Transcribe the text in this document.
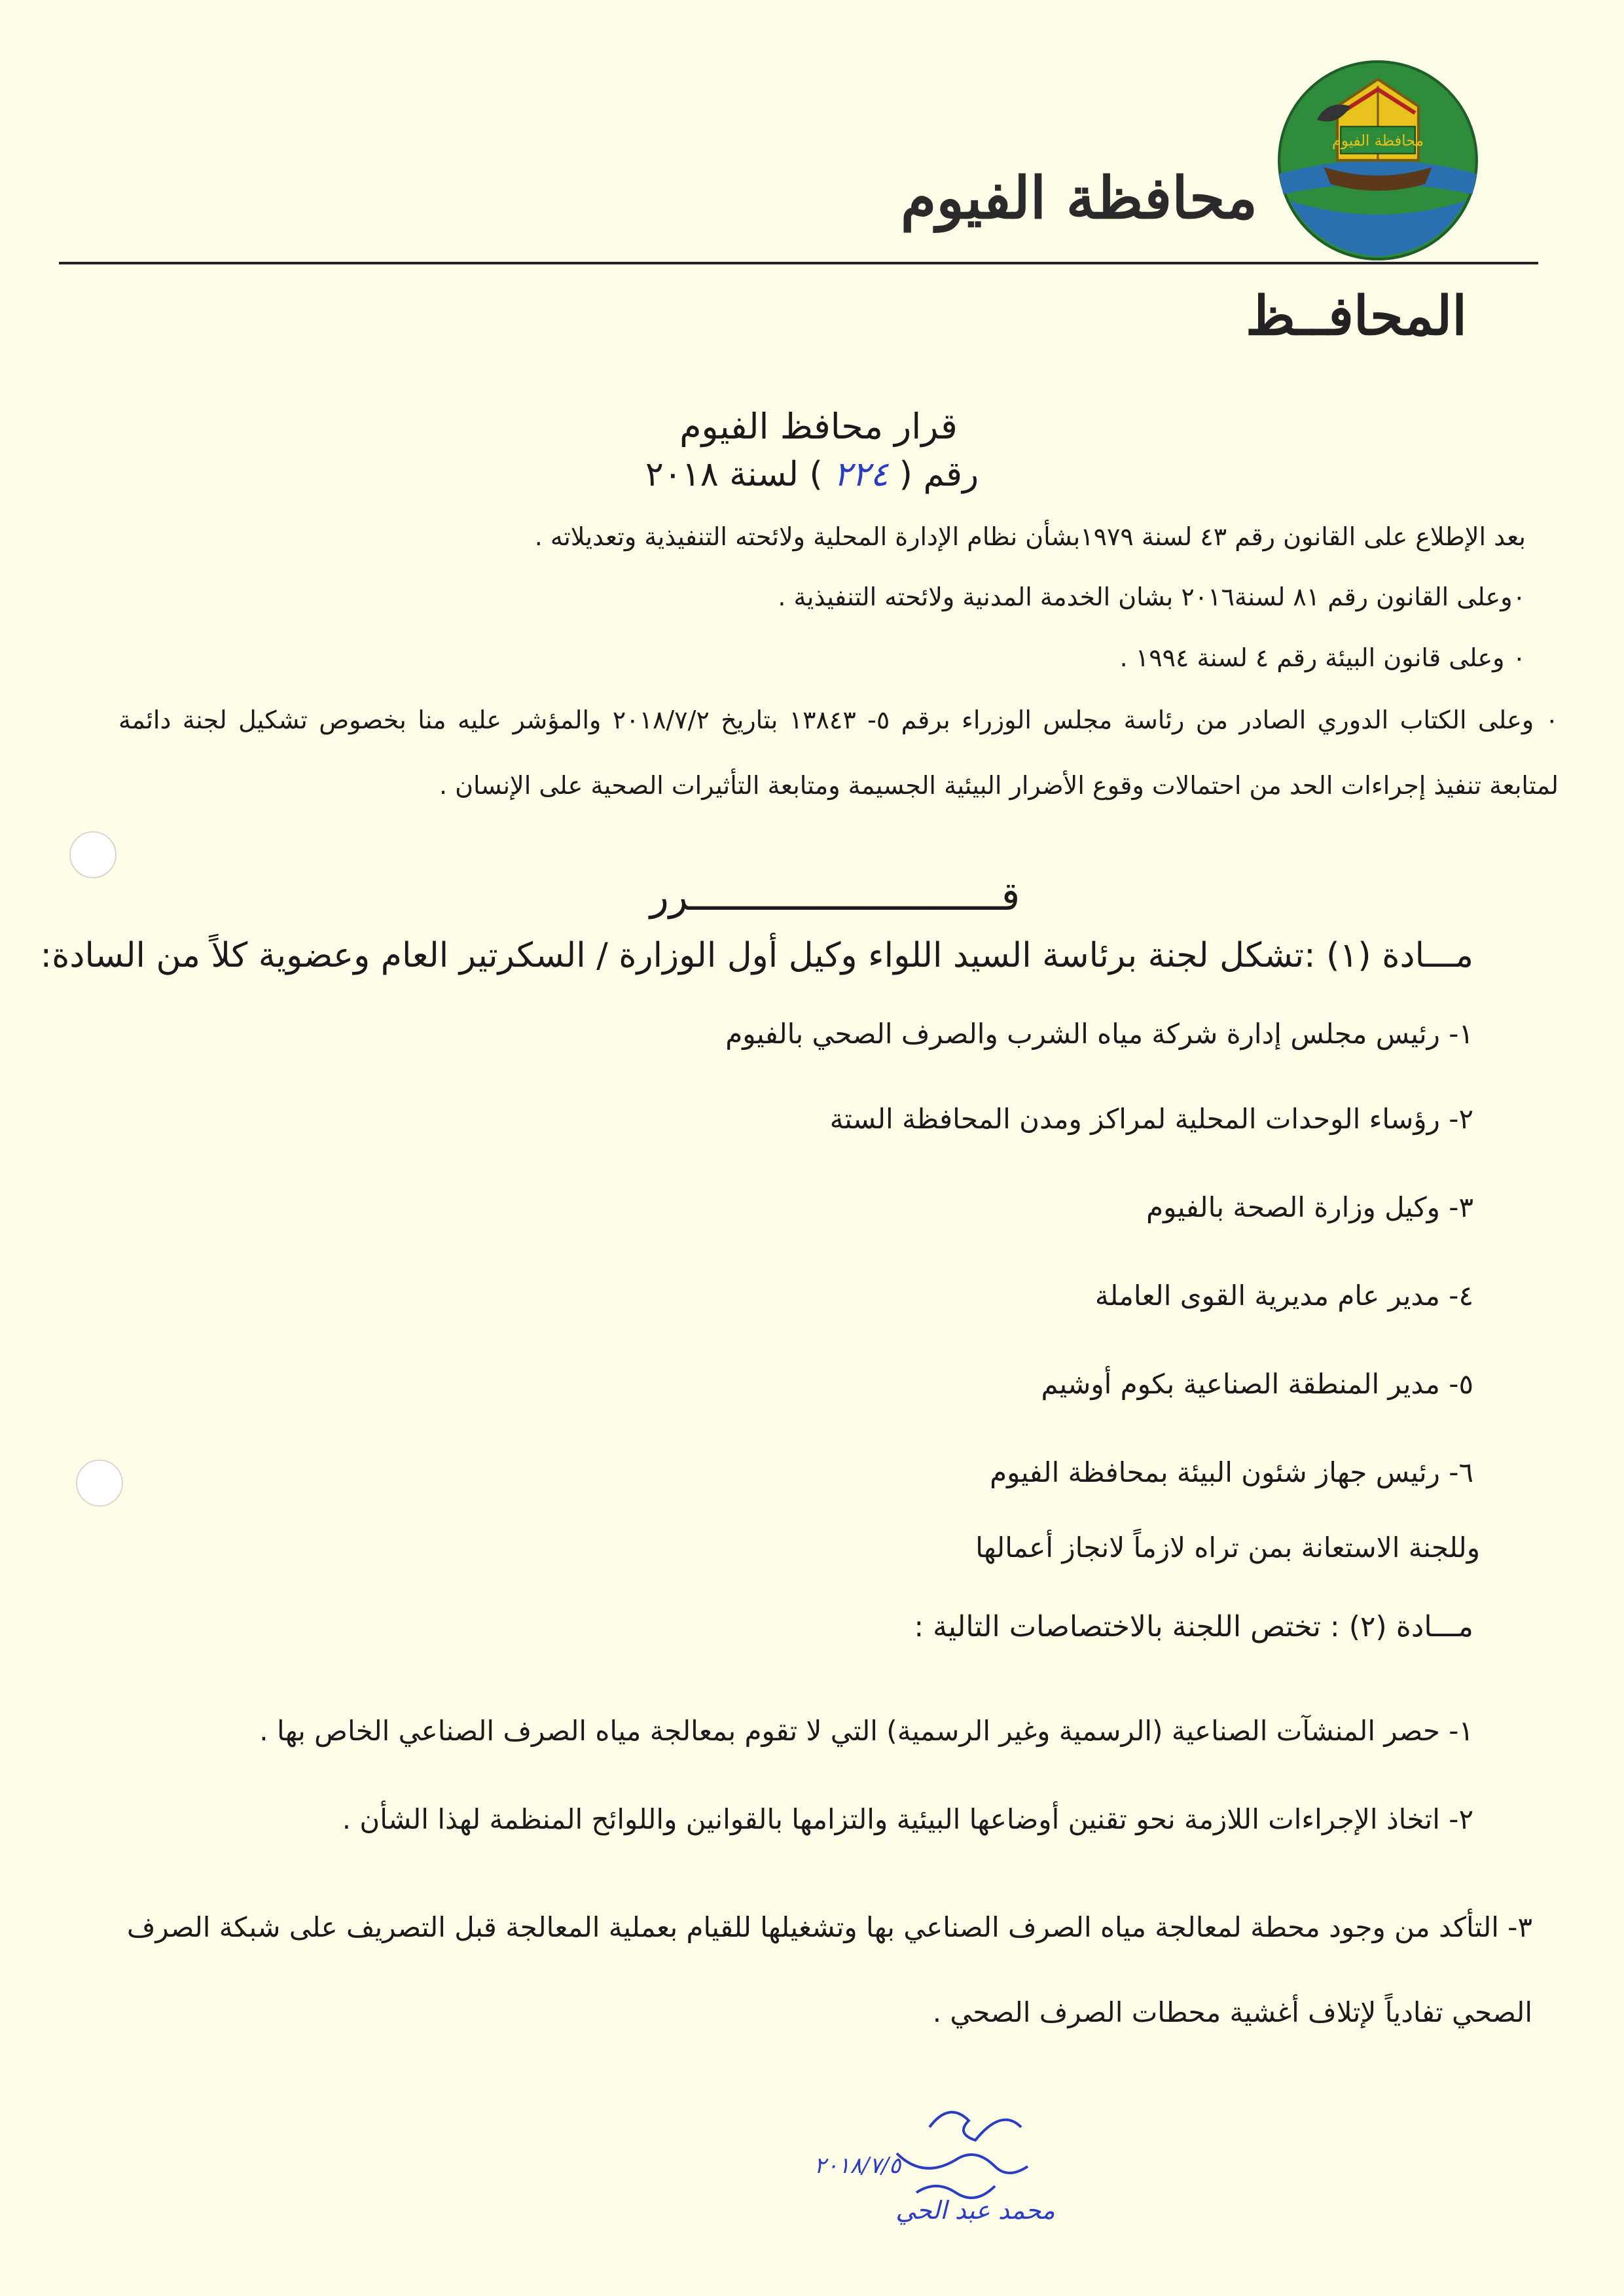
محافظة الفيوم
محافظة الفيوم
المحافــظ
قرار محافظ الفيوم
رقم ( ٢٢٤ ) لسنة ٢٠١٨
بعد الإطلاع على القانون رقم ٤٣ لسنة ١٩٧٩بشأن نظام الإدارة المحلية ولائحته التنفيذية وتعديلاته .
٠وعلى القانون رقم ٨١ لسنة٢٠١٦ بشان الخدمة المدنية ولائحته التنفيذية .
٠ وعلى قانون البيئة رقم ٤ لسنة ١٩٩٤ .
٠ وعلى الكتاب الدوري الصادر من رئاسة مجلس الوزراء برقم ٥- ١٣٨٤٣ بتاريخ ٢٠١٨/٧/٢ والمؤشر عليه منا بخصوص تشكيل لجنة دائمة لمتابعة تنفيذ إجراءات الحد من احتمالات وقوع الأضرار البيئية الجسيمة ومتابعة التأثيرات الصحية على الإنسان .
قـــــــــــــــــــــــــــرر
مـــادة (١) :تشكل لجنة برئاسة السيد اللواء وكيل أول الوزارة / السكرتير العام وعضوية كلاً من السادة:
١- رئيس مجلس إدارة شركة مياه الشرب والصرف الصحي بالفيوم
٢- رؤساء الوحدات المحلية لمراكز ومدن المحافظة الستة
٣- وكيل وزارة الصحة بالفيوم
٤- مدير عام مديرية القوى العاملة
٥- مدير المنطقة الصناعية بكوم أوشيم
٦- رئيس جهاز شئون البيئة بمحافظة الفيوم
وللجنة الاستعانة بمن تراه لازماً لانجاز أعمالها
مـــادة (٢) : تختص اللجنة بالاختصاصات التالية :
١- حصر المنشآت الصناعية (الرسمية وغير الرسمية) التي لا تقوم بمعالجة مياه الصرف الصناعي الخاص بها .
٢- اتخاذ الإجراءات اللازمة نحو تقنين أوضاعها البيئية والتزامها بالقوانين واللوائح المنظمة لهذا الشأن .
٣- التأكد من وجود محطة لمعالجة مياه الصرف الصناعي بها وتشغيلها للقيام بعملية المعالجة قبل التصريف على شبكة الصرف الصحي تفادياً لإتلاف أغشية محطات الصرف الصحي .
محمد عبد الحي
٢٠١٨/٧/٥
